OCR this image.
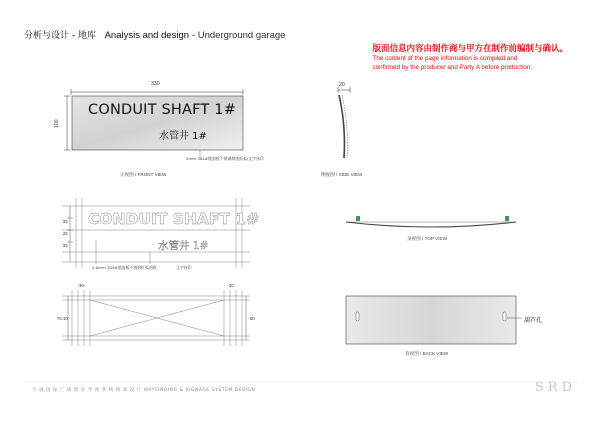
分析与设计 - 地库 Analysis and design - Underground garage
版面信息内容由制作商与甲方在制作前编制与确认。
The content of the page information is compiled and
confirmed by the producer and Party A before production.
330
100
CONDUIT SHAFT 1#
水管井 1#
2mm 304#镜面板不锈钢腐蚀折弧/文字丝印
正视图 / FRONT VIEW
20
侧视图 / SIDE VIEW
CONDUIT SHAFT 1#
水管井 1#
25
25
25
2.0mm 304#镜面板不锈钢折弧面板	文字丝印
顶视图 / TOP VIEW
30	30
70 10	80	葫芦孔
背视图 / BACK VIEW
天 诚 国 际 广 场 地 库 导 视 系 统 规 划 设 计 WAYFINDING & SIGNAGE SYSTEM DESIGN	SRD
